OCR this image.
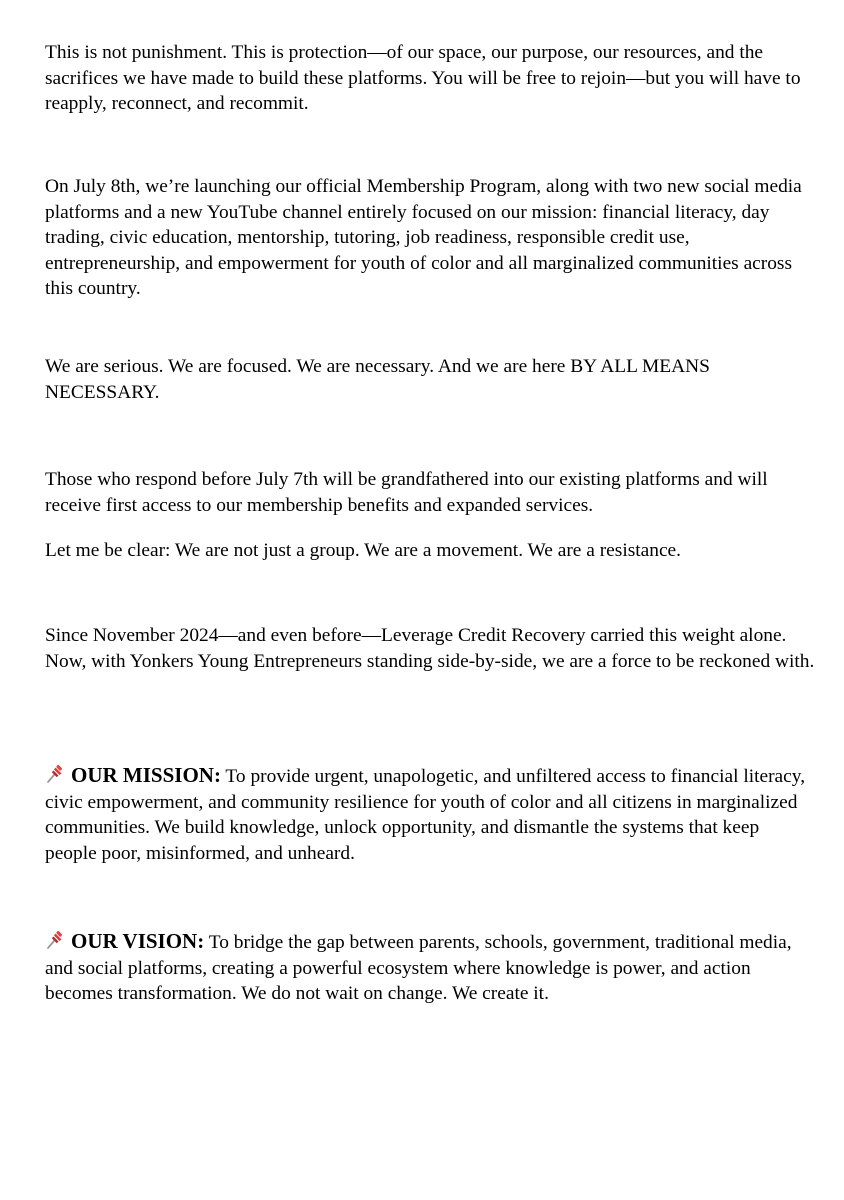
This is not punishment. This is protection—of our space, our purpose, our resources, and the sacrifices we have made to build these platforms. You will be free to rejoin—but you will have to reapply, reconnect, and recommit.

On July 8th, we’re launching our official Membership Program, along with two new social media platforms and a new YouTube channel entirely focused on our mission: financial literacy, day trading, civic education, mentorship, tutoring, job readiness, responsible credit use, entrepreneurship, and empowerment for youth of color and all marginalized communities across this country.

We are serious. We are focused. We are necessary. And we are here BY ALL MEANS NECESSARY.

Those who respond before July 7th will be grandfathered into our existing platforms and will receive first access to our membership benefits and expanded services.

Let me be clear: We are not just a group. We are a movement. We are a resistance.

Since November 2024—and even before—Leverage Credit Recovery carried this weight alone. Now, with Yonkers Young Entrepreneurs standing side-by-side, we are a force to be reckoned with.

OUR MISSION: To provide urgent, unapologetic, and unfiltered access to financial literacy, civic empowerment, and community resilience for youth of color and all citizens in marginalized communities. We build knowledge, unlock opportunity, and dismantle the systems that keep people poor, misinformed, and unheard.

OUR VISION: To bridge the gap between parents, schools, government, traditional media, and social platforms, creating a powerful ecosystem where knowledge is power, and action becomes transformation. We do not wait on change. We create it.
